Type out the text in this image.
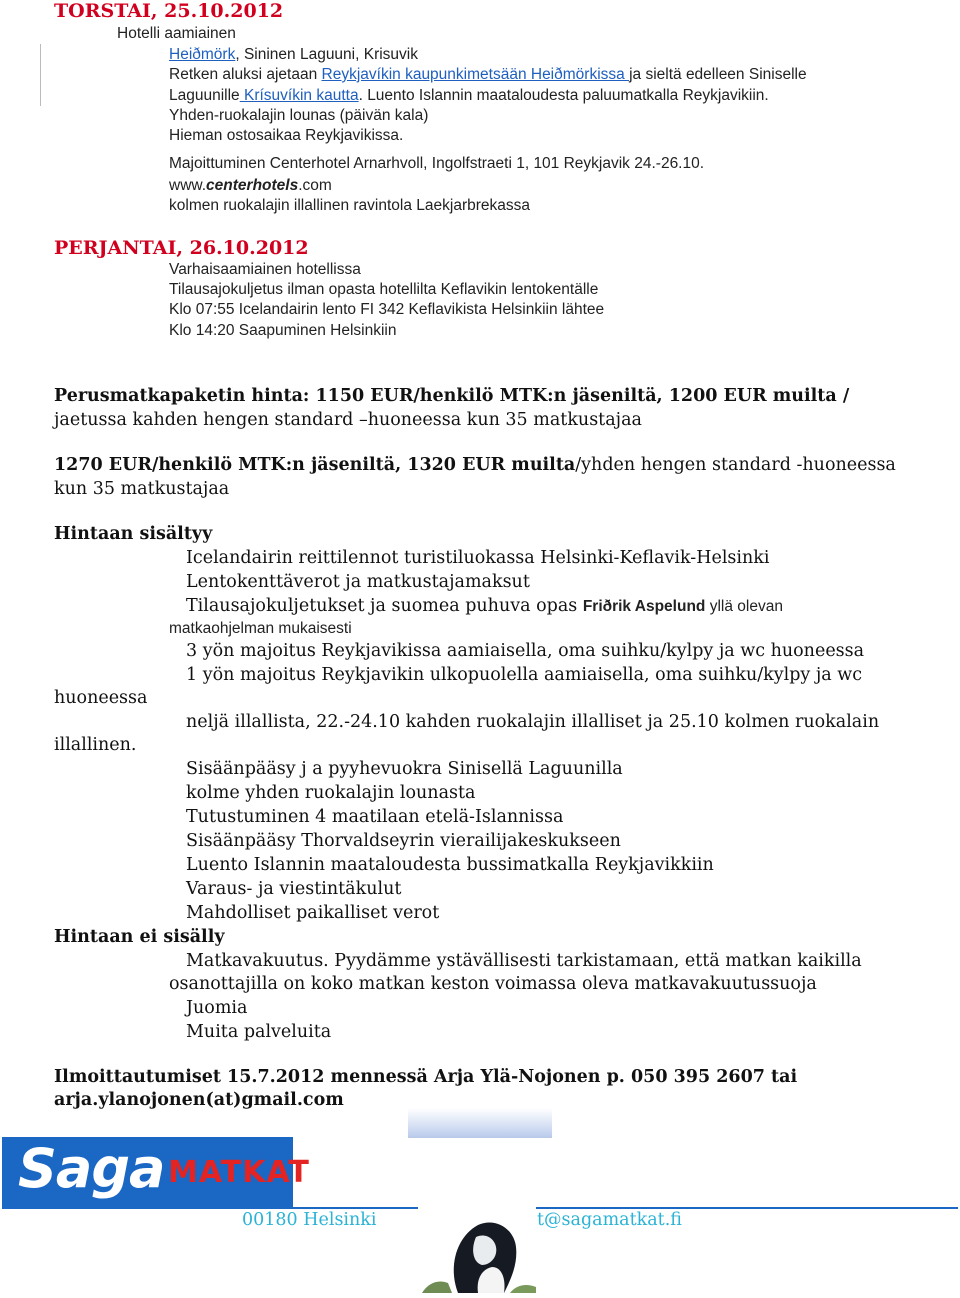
TORSTAI, 25.10.2012
Hotelli aamiainen
Heiðmörk, Sininen Laguuni, Krisuvik
Retken aluksi ajetaan Reykjavíkin kaupunkimetsään Heiðmörkissa ja sieltä edelleen Siniselle
Laguunille Krísuvíkin kautta. Luento Islannin maataloudesta paluumatkalla Reykjavikiin.
Yhden-ruokalajin lounas (päivän kala)
Hieman ostosaikaa Reykjavikissa.
Majoittuminen Centerhotel Arnarhvoll, Ingolfstraeti 1, 101 Reykjavik 24.-26.10.
www.centerhotels.com
kolmen ruokalajin illallinen ravintola Laekjarbrekassa
PERJANTAI, 26.10.2012
Varhaisaamiainen hotellissa
Tilausajokuljetus ilman opasta hotellilta Keflavikin lentokentälle
Klo 07:55 Icelandairin lento FI 342 Keflavikista Helsinkiin lähtee
Klo 14:20 Saapuminen Helsinkiin
Perusmatkapaketin hinta: 1150 EUR/henkilö MTK:n jäseniltä, 1200 EUR muilta /
jaetussa kahden hengen standard –huoneessa kun 35 matkustajaa
1270 EUR/henkilö MTK:n jäseniltä, 1320 EUR muilta/yhden hengen standard -huoneessa
kun 35 matkustajaa
Hintaan sisältyy
Icelandairin reittilennot turistiluokassa Helsinki-Keflavik-Helsinki
Lentokenttäverot ja matkustajamaksut
Tilausajokuljetukset ja suomea puhuva opas Friðrik Aspelund yllä olevan
matkaohjelman mukaisesti
3 yön majoitus Reykjavikissa aamiaisella, oma suihku/kylpy ja wc huoneessa
1 yön majoitus Reykjavikin ulkopuolella aamiaisella, oma suihku/kylpy ja wc
huoneessa
neljä illallista, 22.-24.10 kahden ruokalajin illalliset ja 25.10 kolmen ruokalain
illallinen.
Sisäänpääsy j a pyyhevuokra Sinisellä Laguunilla
kolme yhden ruokalajin lounasta
Tutustuminen 4 maatilaan etelä-Islannissa
Sisäänpääsy Thorvaldseyrin vierailijakeskukseen
Luento Islannin maataloudesta bussimatkalla Reykjavikkiin
Varaus- ja viestintäkulut
Mahdolliset paikalliset verot
Hintaan ei sisälly
Matkavakuutus. Pyydämme ystävällisesti tarkistamaan, että matkan kaikilla
osanottajilla on koko matkan keston voimassa oleva matkavakuutussuoja
Juomia
Muita palveluita
Ilmoittautumiset 15.7.2012 mennessä Arja Ylä-Nojonen p. 050 395 2607 tai
arja.ylanojonen(at)gmail.com
Saga MATKAT
00180 Helsinki	t@sagamatkat.fi
